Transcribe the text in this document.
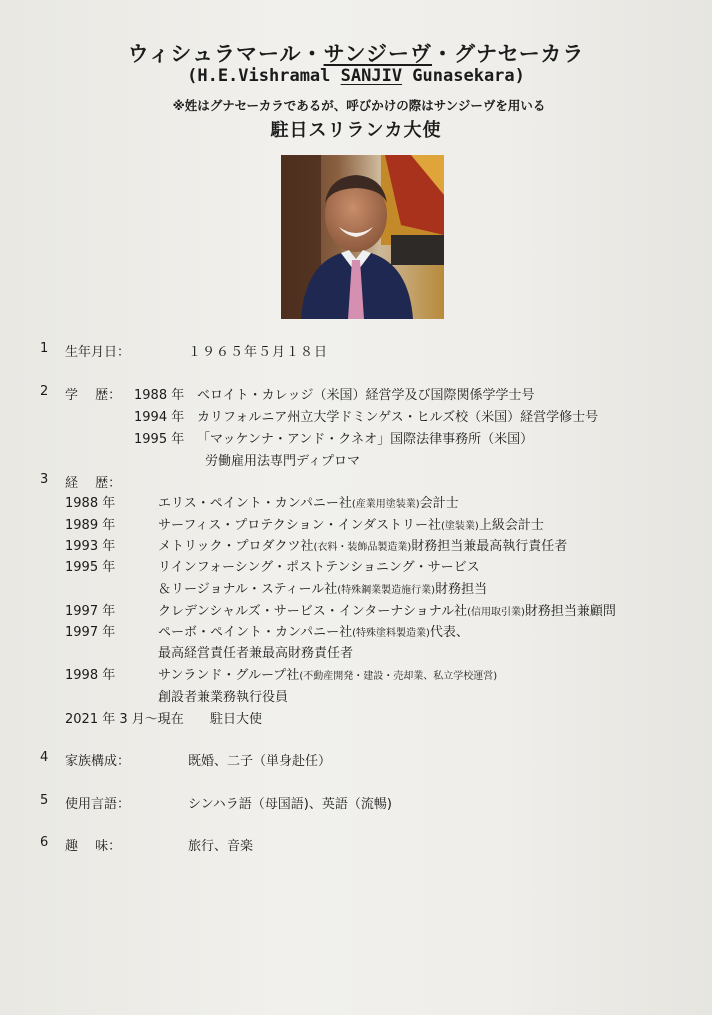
ウィシュラマール・サンジーヴ・グナセーカラ
(H.E.Vishramal SANJIV Gunasekara)
※姓はグナセーカラであるが、呼びかけの際はサンジーヴを用いる
駐日スリランカ大使
1 生年月日：	１９６５年５月１８日
2 学　 歴： 1988 年 ベロイト・カレッジ（米国）経営学及び国際関係学学士号
1994 年 カリフォルニア州立大学ドミンゲス・ヒルズ校（米国）経営学修士号
1995 年 「マッケンナ・アンド・クネオ」国際法律事務所（米国）
労働雇用法専門ディプロマ
3 経　 歴：
1988 年	エリス・ペイント・カンパニー社(産業用塗装業)会計士
1989 年	サーフィス・プロテクション・インダストリー社(塗装業)上級会計士
1993 年	メトリック・プロダクツ社(衣料・装飾品製造業)財務担当兼最高執行責任者
1995 年	リインフォーシング・ポストテンショニング・サービス
＆リージョナル・スティール社(特殊鋼業製造施行業)財務担当
1997 年	クレデンシャルズ・サービス・インターナショナル社(信用取引業)財務担当兼顧問
1997 年	ペーボ・ペイント・カンパニー社(特殊塗料製造業)代表、
最高経営責任者兼最高財務責任者
1998 年	サンランド・グループ社(不動産開発・建設・売却業、私立学校運営)
創設者兼業務執行役員
2021 年 3 月～現在 駐日大使
4 家族構成：	既婚、二子（単身赴任）
5 使用言語：	シンハラ語（母国語)、英語（流暢)
6 趣　 味：	旅行、音楽
